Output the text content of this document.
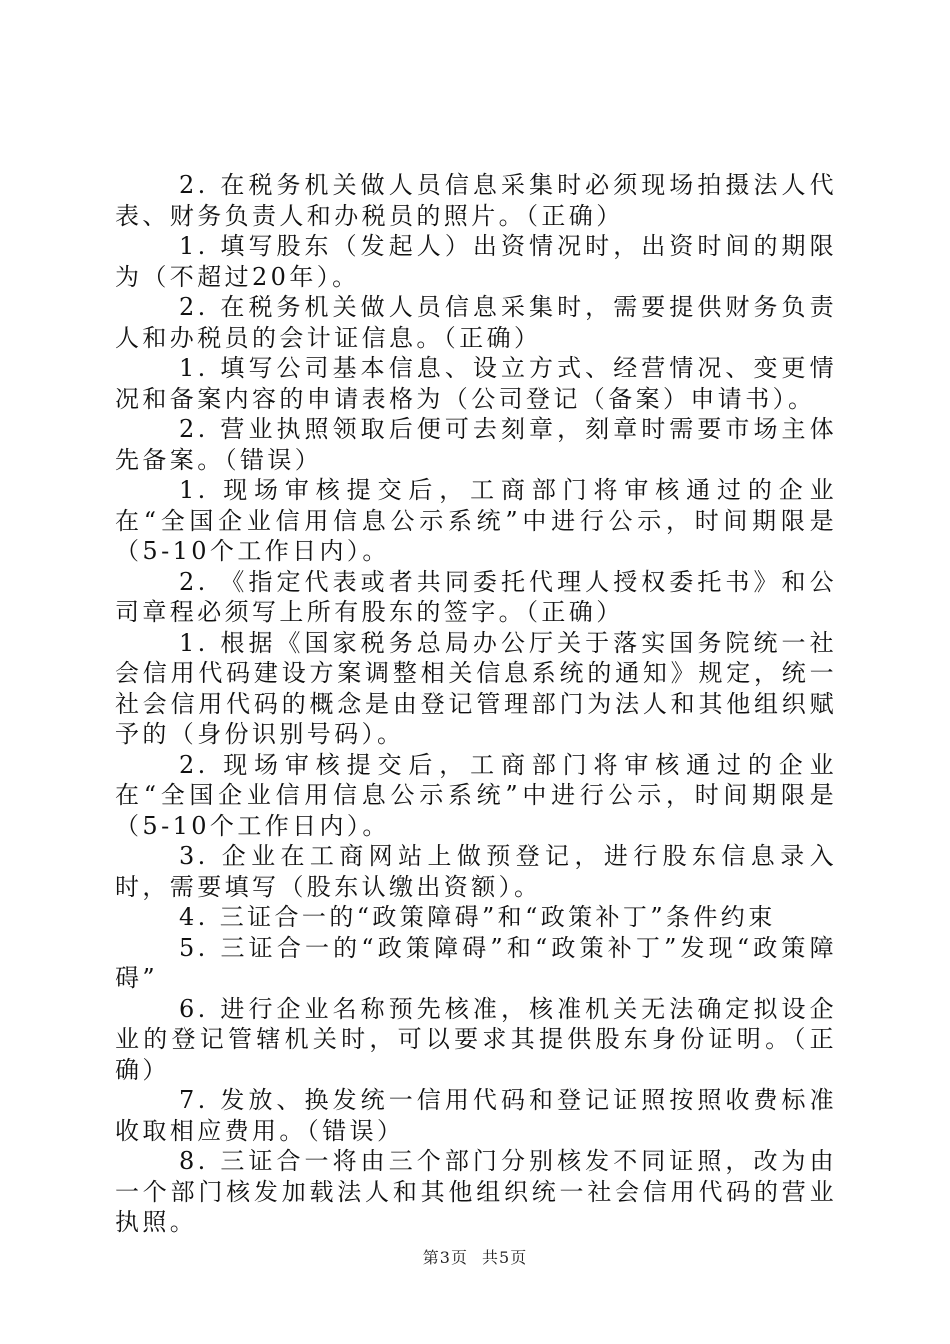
2. 在税务机关做人员信息采集时必须现场拍摄法人代表、财务负责人和办税员的照片。（正确）

1. 填写股东（发起人）出资情况时，出资时间的期限为（不超过20年）。

2. 在税务机关做人员信息采集时，需要提供财务负责人和办税员的会计证信息。（正确）

1. 填写公司基本信息、设立方式、经营情况、变更情况和备案内容的申请表格为（公司登记（备案）申请书）。

2. 营业执照领取后便可去刻章，刻章时需要市场主体先备案。（错误）

1. 现场审核提交后，工商部门将审核通过的企业在“全国企业信用信息公示系统”中进行公示，时间期限是（5-10个工作日内）。

2. 《指定代表或者共同委托代理人授权委托书》和公司章程必须写上所有股东的签字。（正确）

1. 根据《国家税务总局办公厅关于落实国务院统一社会信用代码建设方案调整相关信息系统的通知》规定，统一社会信用代码的概念是由登记管理部门为法人和其他组织赋予的（身份识别号码）。

2. 现场审核提交后，工商部门将审核通过的企业在“全国企业信用信息公示系统”中进行公示，时间期限是（5-10个工作日内）。

3. 企业在工商网站上做预登记，进行股东信息录入时，需要填写（股东认缴出资额）。

4. 三证合一的“政策障碍”和“政策补丁”条件约束

5. 三证合一的“政策障碍”和“政策补丁”发现“政策障碍”

6. 进行企业名称预先核准，核准机关无法确定拟设企业的登记管辖机关时，可以要求其提供股东身份证明。（正确）

7. 发放、换发统一信用代码和登记证照按照收费标准收取相应费用。（错误）

8. 三证合一将由三个部门分别核发不同证照，改为由一个部门核发加载法人和其他组织统一社会信用代码的营业执照。

第3页 共5页
